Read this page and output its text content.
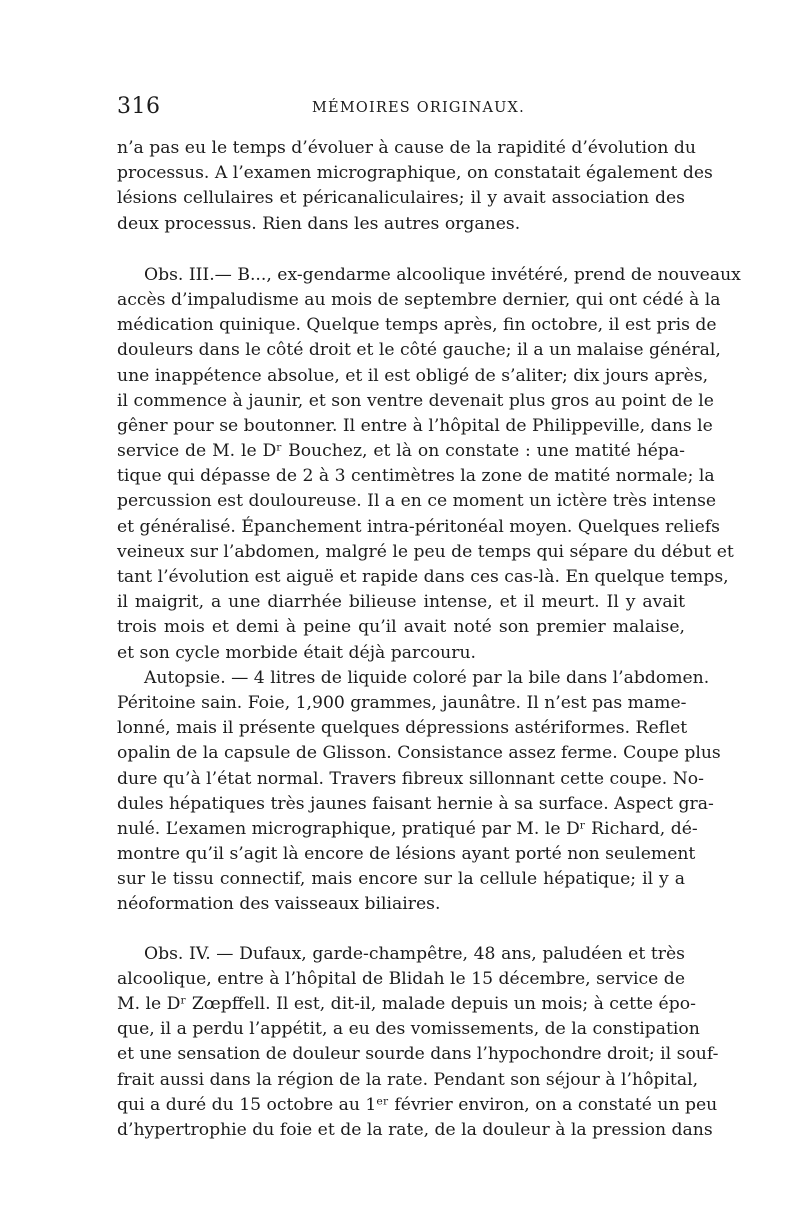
316	MÉMOIRES ORIGINAUX.
n’a pas eu le temps d’évoluer à cause de la rapidité d’évolution du
processus. A l’examen micrographique, on constatait également des
lésions cellulaires et péricanaliculaires; il y avait association des
deux processus. Rien dans les autres organes.
Obs. III.— B..., ex-gendarme alcoolique invétéré, prend de nouveaux
accès d’impaludisme au mois de septembre dernier, qui ont cédé à la
médication quinique. Quelque temps après, fin octobre, il est pris de
douleurs dans le côté droit et le côté gauche; il a un malaise général,
une inappétence absolue, et il est obligé de s’aliter; dix jours après,
il commence à jaunir, et son ventre devenait plus gros au point de le
gêner pour se boutonner. Il entre à l’hôpital de Philippeville, dans le
service de M. le Dʳ Bouchez, et là on constate : une matité hépa-
tique qui dépasse de 2 à 3 centimètres la zone de matité normale; la
percussion est douloureuse. Il a en ce moment un ictère très intense
et généralisé. Épanchement intra-péritonéal moyen. Quelques reliefs
veineux sur l’abdomen, malgré le peu de temps qui sépare du début et
tant l’évolution est aiguë et rapide dans ces cas-là. En quelque temps,
il maigrit, a une diarrhée bilieuse intense, et il meurt. Il y avait
trois mois et demi à peine qu’il avait noté son premier malaise,
et son cycle morbide était déjà parcouru.
Autopsie. — 4 litres de liquide coloré par la bile dans l’abdomen.
Péritoine sain. Foie, 1,900 grammes, jaunâtre. Il n’est pas mame-
lonné, mais il présente quelques dépressions astériformes. Reflet
opalin de la capsule de Glisson. Consistance assez ferme. Coupe plus
dure qu’à l’état normal. Travers fibreux sillonnant cette coupe. No-
dules hépatiques très jaunes faisant hernie à sa surface. Aspect gra-
nulé. L’examen micrographique, pratiqué par M. le Dʳ Richard, dé-
montre qu’il s’agit là encore de lésions ayant porté non seulement
sur le tissu connectif, mais encore sur la cellule hépatique; il y a
néoformation des vaisseaux biliaires.
Obs. IV. — Dufaux, garde-champêtre, 48 ans, paludéen et très
alcoolique, entre à l’hôpital de Blidah le 15 décembre, service de
M. le Dʳ Zœpffell. Il est, dit-il, malade depuis un mois; à cette épo-
que, il a perdu l’appétit, a eu des vomissements, de la constipation
et une sensation de douleur sourde dans l’hypochondre droit; il souf-
frait aussi dans la région de la rate. Pendant son séjour à l’hôpital,
qui a duré du 15 octobre au 1ᵉʳ février environ, on a constaté un peu
d’hypertrophie du foie et de la rate, de la douleur à la pression dans
